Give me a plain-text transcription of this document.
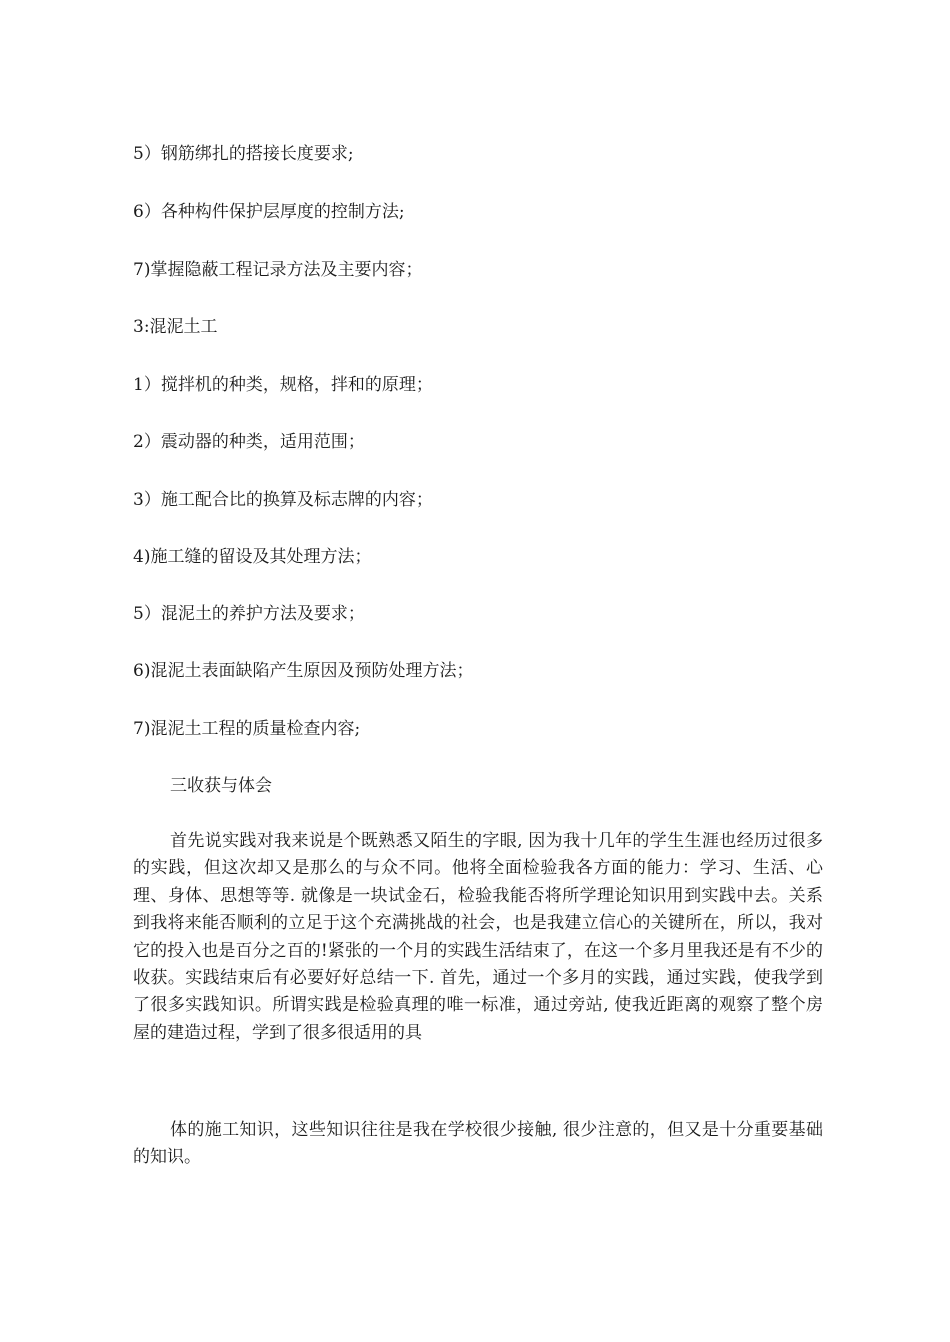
5）钢筋绑扎的搭接长度要求;
6）各种构件保护层厚度的控制方法;
7)掌握隐蔽工程记录方法及主要内容；
3:混泥土工
1）搅拌机的种类，规格，拌和的原理；
2）震动器的种类，适用范围；
3）施工配合比的换算及标志牌的内容；
4)施工缝的留设及其处理方法；
5）混泥土的养护方法及要求；
6)混泥土表面缺陷产生原因及预防处理方法；
7)混泥土工程的质量检查内容;
三收获与体会

首先说实践对我来说是个既熟悉又陌生的字眼, 因为我十几年的学生生涯也经历过很多的实践，但这次却又是那么的与众不同。他将全面检验我各方面的能力：学习、生活、心理、身体、思想等等. 就像是一块试金石，检验我能否将所学理论知识用到实践中去。关系到我将来能否顺利的立足于这个充满挑战的社会，也是我建立信心的关键所在，所以，我对它的投入也是百分之百的!紧张的一个月的实践生活结束了，在这一个多月里我还是有不少的收获。实践结束后有必要好好总结一下. 首先，通过一个多月的实践，通过实践，使我学到了很多实践知识。所谓实践是检验真理的唯一标准，通过旁站, 使我近距离的观察了整个房屋的建造过程，学到了很多很适用的具

体的施工知识，这些知识往往是我在学校很少接触, 很少注意的，但又是十分重要基础的知识。
